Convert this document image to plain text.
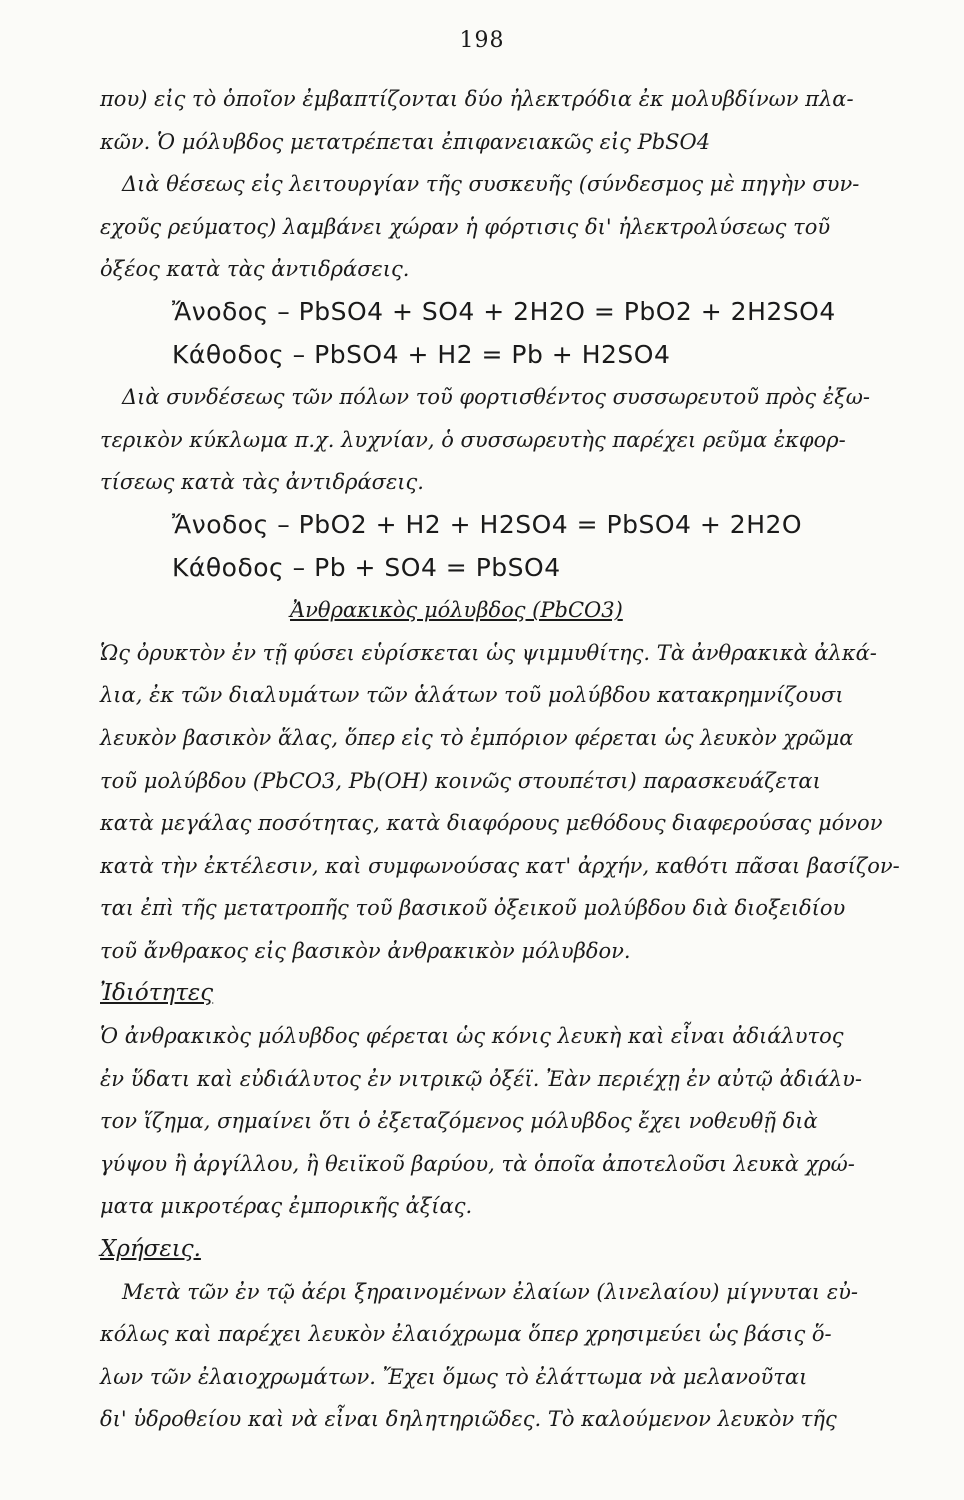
198
που) εἰς τὸ ὁποῖον ἐμβαπτίζονται δύο ἠλεκτρόδια ἐκ μολυβδίνων πλα-
κῶν. Ὁ μόλυβδος μετατρέπεται ἐπιφανειακῶς εἰς PbSO4
Διὰ θέσεως εἰς λειτουργίαν τῆς συσκευῆς (σύνδεσμος μὲ πηγὴν συν-
εχοῦς ρεύματος) λαμβάνει χώραν ἡ φόρτισις δι' ἠλεκτρολύσεως τοῦ
ὀξέος κατὰ τὰς ἀντιδράσεις.
Ἄνοδος – PbSO4 + SO4 + 2H2O = PbO2 + 2H2SO4
Κάθοδος – PbSO4 + H2 = Pb + H2SO4
Διὰ συνδέσεως τῶν πόλων τοῦ φορτισθέντος συσσωρευτοῦ πρὸς ἐξω-
τερικὸν κύκλωμα π.χ. λυχνίαν, ὁ συσσωρευτὴς παρέχει ρεῦμα ἐκφορ-
τίσεως κατὰ τὰς ἀντιδράσεις.
Ἄνοδος – PbO2 + H2 + H2SO4 = PbSO4 + 2H2O
Κάθοδος – Pb + SO4 = PbSO4
Ἀνθρακικὸς μόλυβδος (PbCO3)
Ὡς ὀρυκτὸν ἐν τῇ φύσει εὑρίσκεται ὡς ψιμμυθίτης. Τὰ ἀνθρακικὰ ἀλκά-
λια, ἐκ τῶν διαλυμάτων τῶν ἁλάτων τοῦ μολύβδου κατακρημνίζουσι
λευκὸν βασικὸν ἅλας, ὅπερ εἰς τὸ ἐμπόριον φέρεται ὡς λευκὸν χρῶμα
τοῦ μολύβδου (PbCO3, Pb(OH) κοινῶς στουπέτσι) παρασκευάζεται
κατὰ μεγάλας ποσότητας, κατὰ διαφόρους μεθόδους διαφερούσας μόνον
κατὰ τὴν ἐκτέλεσιν, καὶ συμφωνούσας κατ' ἀρχήν, καθότι πᾶσαι βασίζον-
ται ἐπὶ τῆς μετατροπῆς τοῦ βασικοῦ ὀξεικοῦ μολύβδου διὰ διοξειδίου
τοῦ ἄνθρακος εἰς βασικὸν ἀνθρακικὸν μόλυβδον.
Ἰδιότητες
Ὁ ἀνθρακικὸς μόλυβδος φέρεται ὡς κόνις λευκὴ καὶ εἶναι ἀδιάλυτος
ἐν ὕδατι καὶ εὐδιάλυτος ἐν νιτρικῷ ὀξέϊ. Ἐὰν περιέχῃ ἐν αὐτῷ ἀδιάλυ-
τον ἵζημα, σημαίνει ὅτι ὁ ἐξεταζόμενος μόλυβδος ἔχει νοθευθῇ διὰ
γύψου ἢ ἀργίλλου, ἢ θειϊκοῦ βαρύου, τὰ ὁποῖα ἀποτελοῦσι λευκὰ χρώ-
ματα μικροτέρας ἐμπορικῆς ἀξίας.
Χρήσεις.
Μετὰ τῶν ἐν τῷ ἀέρι ξηραινομένων ἐλαίων (λινελαίου) μίγνυται εὐ-
κόλως καὶ παρέχει λευκὸν ἐλαιόχρωμα ὅπερ χρησιμεύει ὡς βάσις ὅ-
λων τῶν ἐλαιοχρωμάτων. Ἔχει ὅμως τὸ ἐλάττωμα νὰ μελανοῦται
δι' ὑδροθείου καὶ νὰ εἶναι δηλητηριῶδες. Τὸ καλούμενον λευκὸν τῆς
